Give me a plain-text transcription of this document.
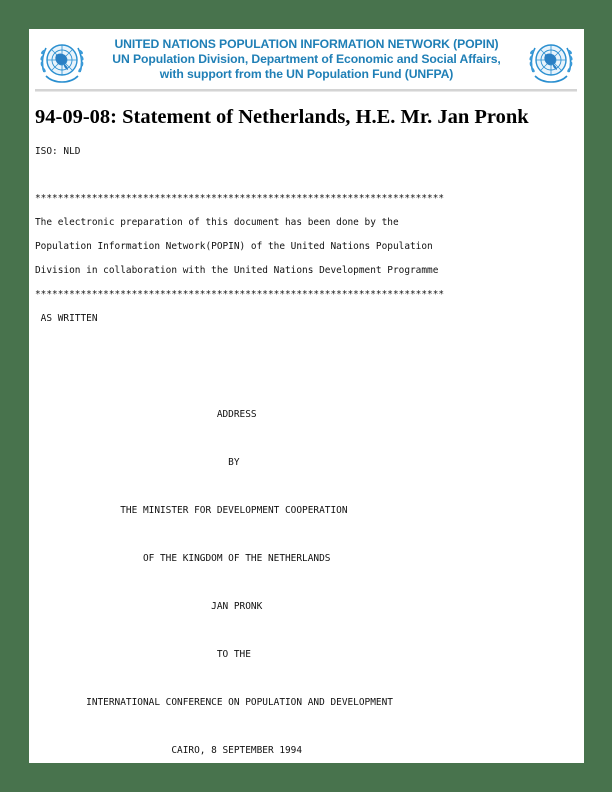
UNITED NATIONS POPULATION INFORMATION NETWORK (POPIN)
UN Population Division, Department of Economic and Social Affairs,
with support from the UN Population Fund (UNFPA)
94-09-08: Statement of Netherlands, H.E. Mr. Jan Pronk
ISO: NLD
************************************************************************
The electronic preparation of this document has been done by the
Population Information Network(POPIN) of the United Nations Population
Division in collaboration with the United Nations Development Programme
************************************************************************
AS WRITTEN
ADDRESS
BY
THE MINISTER FOR DEVELOPMENT COOPERATION
OF THE KINGDOM OF THE NETHERLANDS
JAN PRONK
TO THE
INTERNATIONAL CONFERENCE ON POPULATION AND DEVELOPMENT
CAIRO, 8 SEPTEMBER 1994
